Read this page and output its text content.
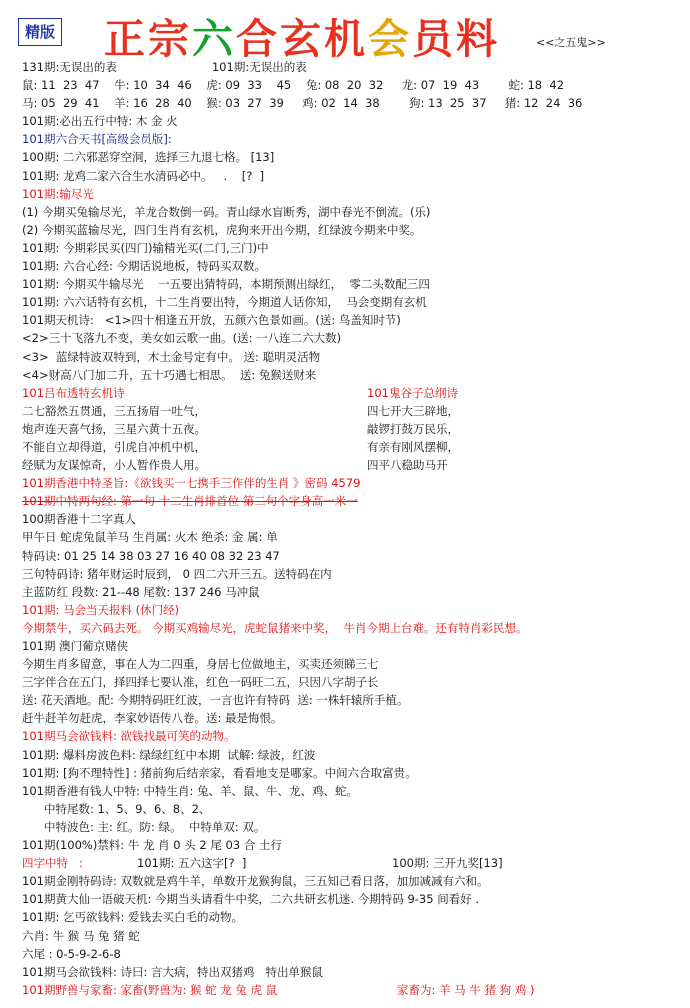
精版 正宗六合玄机会员料	<<之五鬼>>
131期:无误出的表                          101期:无误出的表
鼠: 11  23  47    牛: 10  34  46    虎: 09  33    45    兔: 08  20  32     龙: 07  19  43        蛇: 18  42
马: 05  29  41    羊: 16  28  40    猴: 03  27  39     鸡: 02  14  38        狗: 13  25  37     猪: 12  24  36
101期:必出五行中特: 木 金 火
101期六合天书[高级会员版]:
100期: 二六邪恶穿空洞，选择三九退七格。 [13]
101期: 龙鸡二家六合生水清码必中。   .    [?  ]
101期:输尽光
(1) 今期买兔输尽光，羊龙合数倒一码。青山绿水盲断秀，湖中春光不倒流。(乐)
(2) 今期买蓝输尽光，四门生肖有玄机，虎狗来开出今期，红绿波今期来中奖。
101期: 今期彩民买(四门)输精光买(二门,三门)中
101期: 六合心经: 今期话说地板，特码买双数。
101期: 今期买牛输尽光    一五要出猜特码，本期预测出绿红，  零二头数配三四
101期: 六六话特有玄机，十二生肖要出特，今期道人话你知，  马会变期有玄机
101期天机诗:   <1>四十相逢五开放，五颜六色景如画。(送: 鸟盖知时节)
<2>三十飞落九不变，美女如云歌一曲。(送: 一八连二六大数)
<3>  蓝绿特波双特到，木土金号定有中。 送: 聪明灵活物
<4>财高八门加二升，五十巧遇七相思。  送: 兔猴送财来
101吕布透特玄机诗	101鬼谷子总纲诗
二七豁然五贯通，三五扬眉一吐气，	四七开大三辟地，
炮声连天喜气扬，三星六黄十五夜。	敲锣打鼓万民乐，
不能自立却得道，引虎自冲机中机，	有亲有刚风摆柳，
经赋为友谋惊奇，小人暂作贵人用。	四平八稳助马开
101期香港中特圣旨:《欲钱买一七携手三作伴的生肖 》密码 4579
101期中特两句经: 第一句 十二生肖排首位 第二句个字身高一米一
100期香港十二字真人
甲午日 蛇虎兔鼠羊马 生肖属: 火木 绝杀: 金 属: 单
特码诀: 01 25 14 38 03 27 16 40 08 32 23 47
三句特码诗: 猪年财运时辰到， 0 四二六开三五。送特码在内
主蓝防红 段数: 21--48 尾数: 137 246 马冲鼠
101期: 马会当天报料 (休门经)
今期禁牛，买六码去死。 今期买鸡输尽光，虎蛇鼠猪来中奖，  牛肖今期上台难。还有特肖彩民想。
101期 澳门葡京赌侠
今期生肖多留意，事在人为二四重，身居七位做地主，买卖还须睇三七
三字伴合在五门，择四择七要认准，红色一码旺二五，只因八字胡子长
送: 花天酒地。配: 今期特码旺红波，一言也许有特码  送: 一株轩辕所手植。
赶牛赶羊勿赶虎，李家妙语传八卷。送: 最是悔恨。
101期马会欲钱料: 欲钱找最可笑的动物。
101期: 爆料房波色料: 绿绿红红中本期  试解: 绿波，红波
101期: [狗不理特性] : 猪前狗后结亲家，看看地支是哪家。中间六合取富贵。
101期香港有钱人中特: 中特生肖: 兔、羊、鼠、牛、龙、鸡、蛇。
中特尾数: 1、5、9、6、8、2、
中特波色: 主: 红。防: 绿。  中特单双: 双。
101期(100%)禁料: 牛 龙 肖 0 头 2 尾 03 合 土行
四字中特   :	101期: 五六这字[?  ]	100期: 三开九奖[13]
101期金刚特码诗: 双数就是鸡牛羊，单数开龙猴狗鼠，三五知己看日落，加加减减有六和。
101期黄大仙一语破天机: 今期当头请看牛中奖，二六共研玄机迷. 今期特码 9-35 间看好 .
101期: 乞丐欲钱料: 爱钱去买白毛的动物。
六肖: 牛 猴 马 兔 猪 蛇
六尾 : 0-5-9-2-6-8
101期马会欲钱料: 诗曰: 言大病，特出双猪鸡   特出单猴鼠
101期野兽与家畜: 家畜(野兽为: 猴 蛇 龙 兔 虎 鼠	家畜为: 羊 马 牛 猪 狗 鸡 )
